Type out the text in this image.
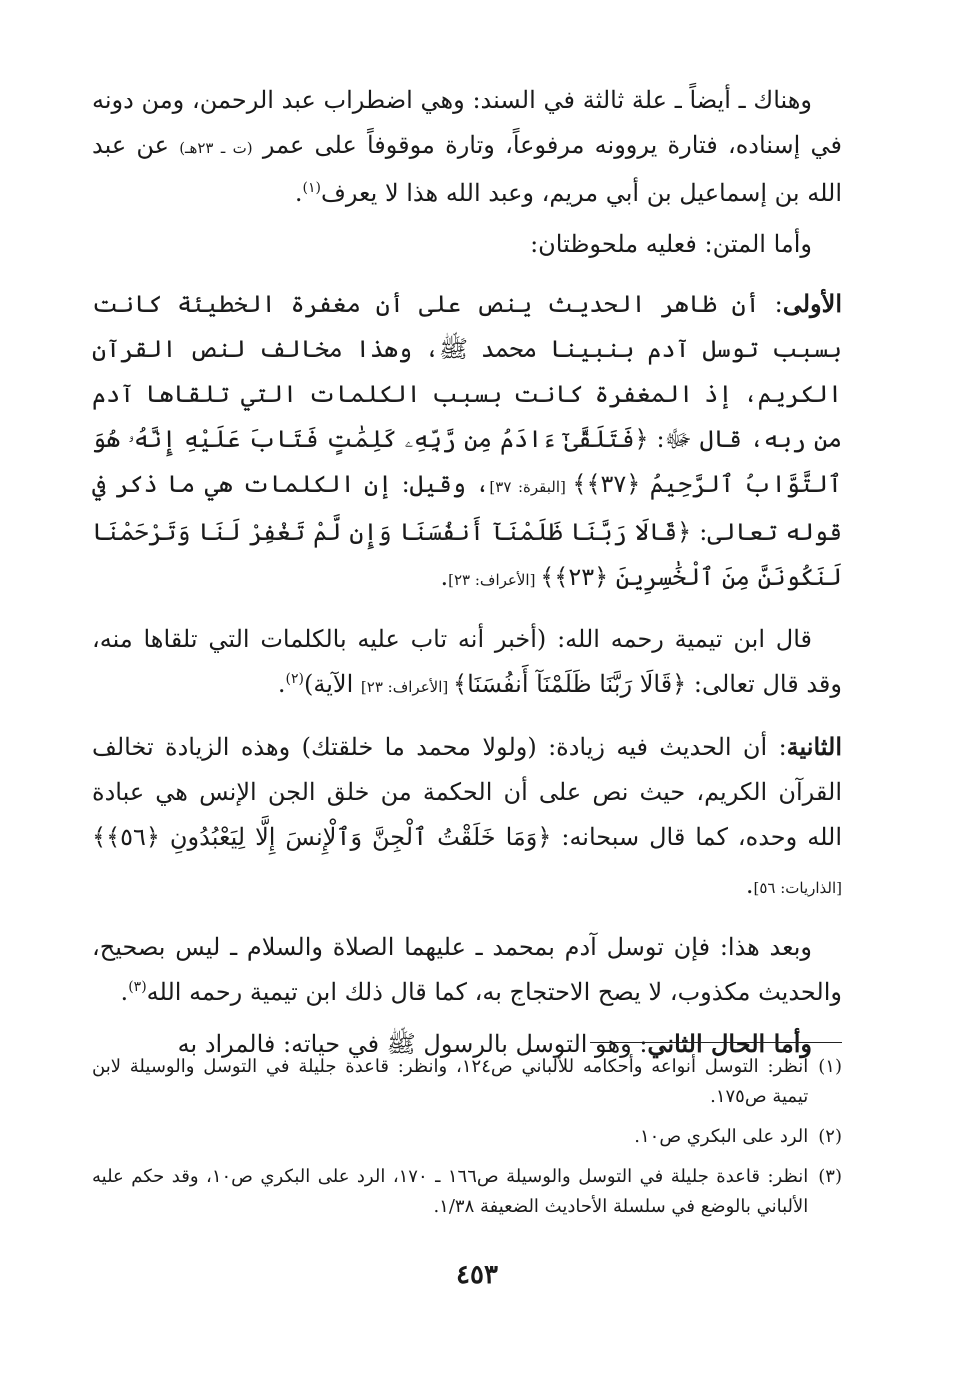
وهناك ـ أيضاً ـ علة ثالثة في السند: وهي اضطراب عبد الرحمن، ومن دونه في إسناده، فتارة يروونه مرفوعاً، وتارة موقوفاً على عمر (ت ـ ٢٣هـ) عن عبد الله بن إسماعيل بن أبي مريم، وعبد الله هذا لا يعرف$^{(١)}$.

وأما المتن: فعليه ملحوظتان:

الأولى: أن ظاهر الحديث ينص على أن مغفرة الخطيئة كانت بسبب توسل آدم بنبينا محمد ﷺ، وهذا مخالف لنص القرآن الكريم، إذ المغفرة كانت بسبب الكلمات التي تلقاها آدم من ربه، قال ﷻ: ﴿فَتَلَقَّىٰٓ ءَادَمُ مِن رَّبِّهِۦ كَلِمَٰتٍ فَتَابَ عَلَيْهِ إِنَّهُۥ هُوَ ٱلتَّوَّابُ ٱلرَّحِيمُ ﴿٣٧﴾﴾ [البقرة: ٣٧]، وقيل: إن الكلمات هي ما ذكر في قوله تعالى: ﴿قَالَا رَبَّنَا ظَلَمْنَآ أَنفُسَنَا وَإِن لَّمْ تَغْفِرْ لَنَا وَتَرْحَمْنَا لَنَكُونَنَّ مِنَ ٱلْخَٰسِرِينَ ﴿٢٣﴾﴾ [الأعراف: ٢٣].

قال ابن تيمية رحمه الله: (أخبر أنه تاب عليه بالكلمات التي تلقاها منه، وقد قال تعالى: ﴿قَالَا رَبَّنَا ظَلَمْنَآ أَنفُسَنَا﴾ [الأعراف: ٢٣] الآية)$^{(٢)}$.

الثانية: أن الحديث فيه زيادة: (ولولا محمد ما خلقتك) وهذه الزيادة تخالف القرآن الكريم، حيث نص على أن الحكمة من خلق الجن الإنس هي عبادة الله وحده، كما قال سبحانه: ﴿وَمَا خَلَقْتُ ٱلْجِنَّ وَٱلْإِنسَ إِلَّا لِيَعْبُدُونِ ﴿٥٦﴾﴾ [الذاريات: ٥٦].

وبعد هذا: فإن توسل آدم بمحمد ـ عليهما الصلاة والسلام ـ ليس بصحيح، والحديث مكذوب، لا يصح الاحتجاج به، كما قال ذلك ابن تيمية رحمه الله$^{(٣)}$.

وأما الحال الثاني: وهو التوسل بالرسول ﷺ في حياته: فالمراد به

(١)
انظر: التوسل أنواعه وأحكامه للألباني ص١٢٤، وانظر: قاعدة جليلة في التوسل والوسيلة لابن تيمية ص١٧٥.
(٢)
الرد على البكري ص١٠.
(٣)
انظر: قاعدة جليلة في التوسل والوسيلة ص١٦٦ ـ ١٧٠، الرد على البكري ص١٠، وقد حكم عليه الألباني بالوضع في سلسلة الأحاديث الضعيفة ١/٣٨.
٤٥٣
